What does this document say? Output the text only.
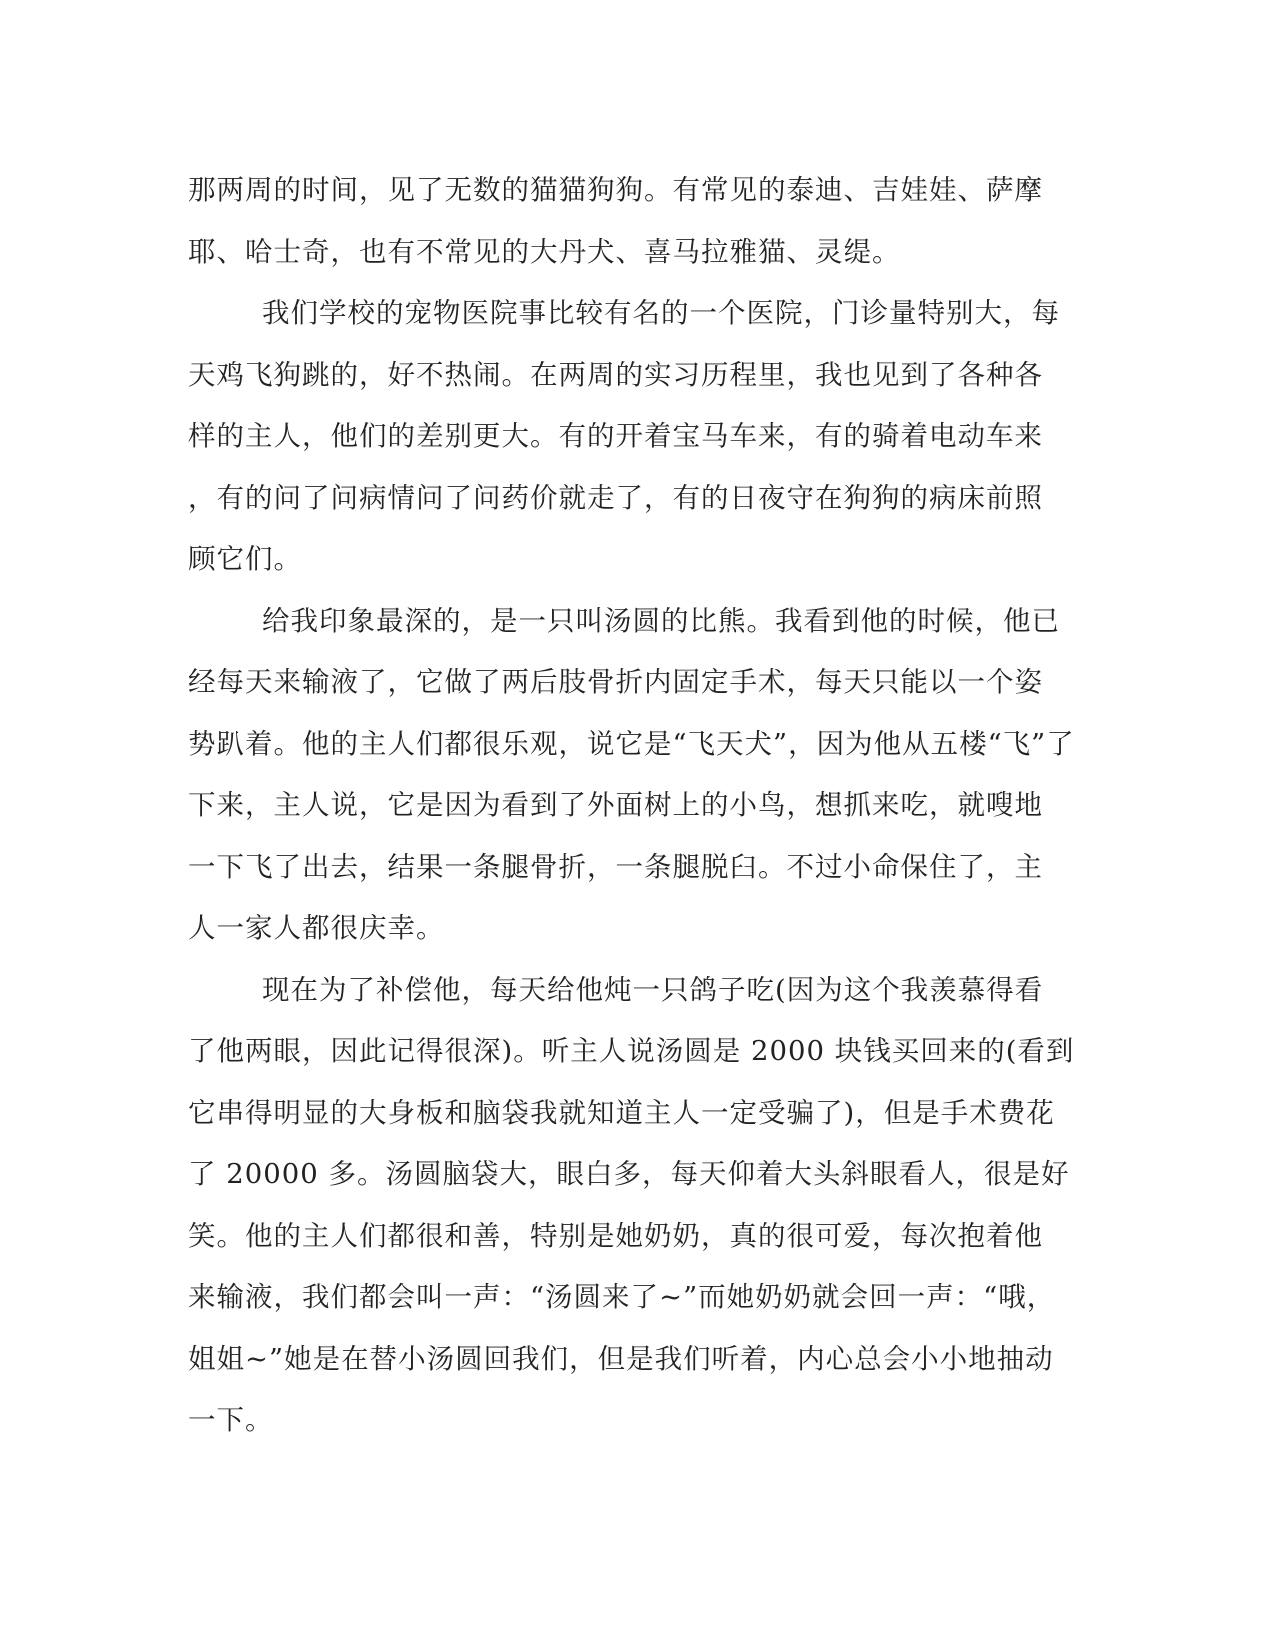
那两周的时间，见了无数的猫猫狗狗。有常见的泰迪、吉娃娃、萨摩
耶、哈士奇，也有不常见的大丹犬、喜马拉雅猫、灵缇。
我们学校的宠物医院事比较有名的一个医院，门诊量特别大，每
天鸡飞狗跳的，好不热闹。在两周的实习历程里，我也见到了各种各
样的主人，他们的差别更大。有的开着宝马车来，有的骑着电动车来
，有的问了问病情问了问药价就走了，有的日夜守在狗狗的病床前照
顾它们。
给我印象最深的，是一只叫汤圆的比熊。我看到他的时候，他已
经每天来输液了，它做了两后肢骨折内固定手术，每天只能以一个姿
势趴着。他的主人们都很乐观，说它是“飞天犬”，因为他从五楼“飞”了
下来，主人说，它是因为看到了外面树上的小鸟，想抓来吃，就嗖地
一下飞了出去，结果一条腿骨折，一条腿脱臼。不过小命保住了，主
人一家人都很庆幸。
现在为了补偿他，每天给他炖一只鸽子吃(因为这个我羡慕得看
了他两眼，因此记得很深)。听主人说汤圆是 2000 块钱买回来的(看到
它串得明显的大身板和脑袋我就知道主人一定受骗了)，但是手术费花
了 20000 多。汤圆脑袋大，眼白多，每天仰着大头斜眼看人，很是好
笑。他的主人们都很和善，特别是她奶奶，真的很可爱，每次抱着他
来输液，我们都会叫一声：“汤圆来了~”而她奶奶就会回一声：“哦，
姐姐~”她是在替小汤圆回我们，但是我们听着，内心总会小小地抽动
一下。
